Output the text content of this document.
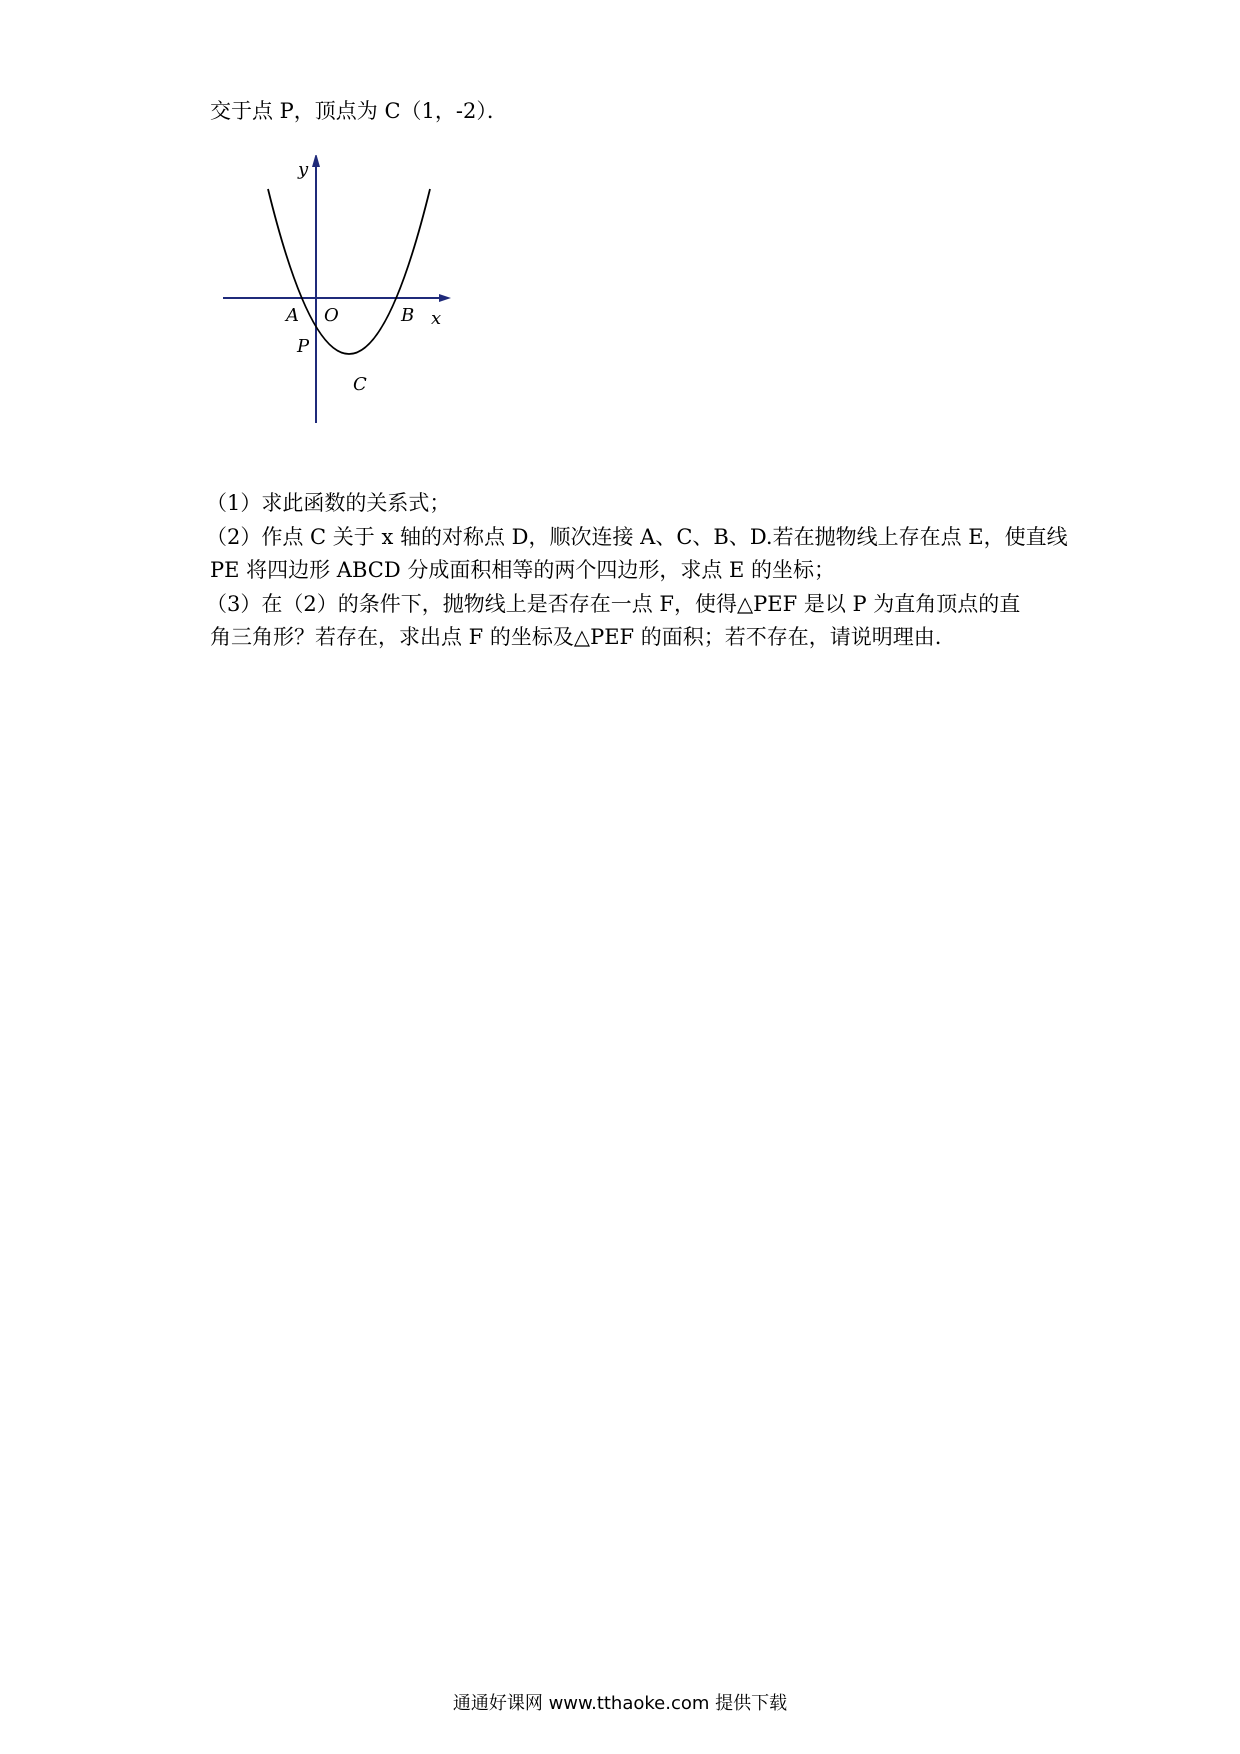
交于点 P，顶点为 C（1，-2）．
y
x
A O	B
P
C
（1）求此函数的关系式；
（2）作点 C 关于 x 轴的对称点 D，顺次连接 A、C、B、D.若在抛物线上存在点 E，使直线
PE 将四边形 ABCD 分成面积相等的两个四边形，求点 E 的坐标；
（3）在（2）的条件下，抛物线上是否存在一点 F，使得△PEF 是以 P 为直角顶点的直
角三角形？若存在，求出点 F 的坐标及△PEF 的面积；若不存在，请说明理由.
通通好课网 www.tthaoke.com 提供下载
